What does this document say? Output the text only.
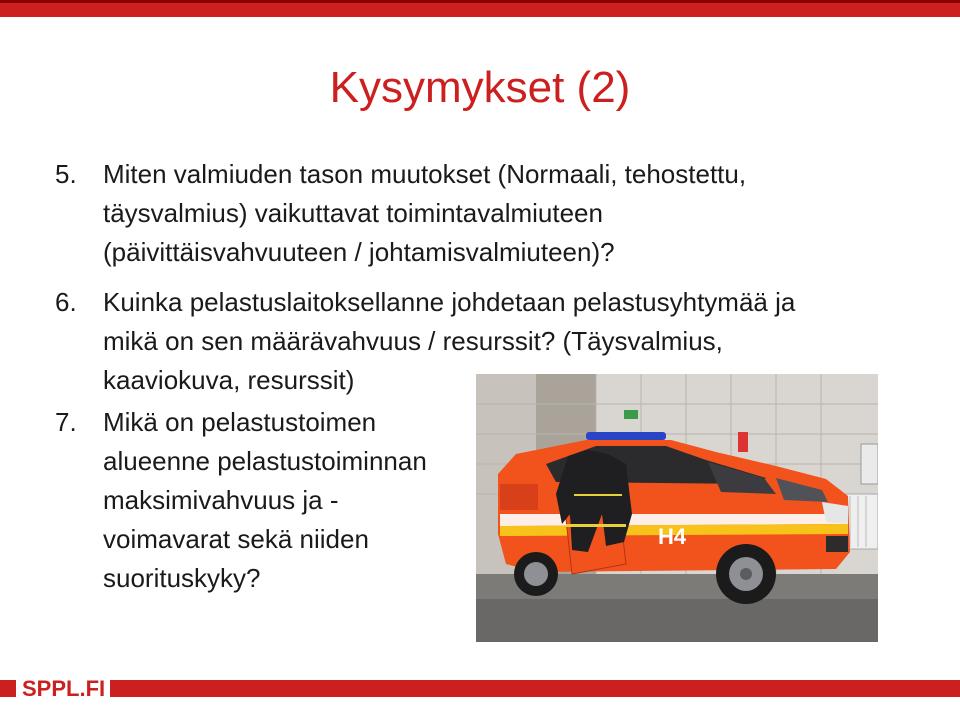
Kysymykset (2)
5. Miten valmiuden tason muutokset (Normaali, tehostettu,
täysvalmius) vaikuttavat toimintavalmiuteen
(päivittäisvahvuuteen / johtamisvalmiuteen)?
6. Kuinka pelastuslaitoksellanne johdetaan pelastusyhtymää ja
mikä on sen määrävahvuus / resurssit? (Täysvalmius,
kaaviokuva, resurssit)
7. Mikä on pelastustoimen
alueenne pelastustoiminnan
maksimivahvuus ja -
voimavarat sekä niiden
suorituskyky?
H4
SPPL.FI
